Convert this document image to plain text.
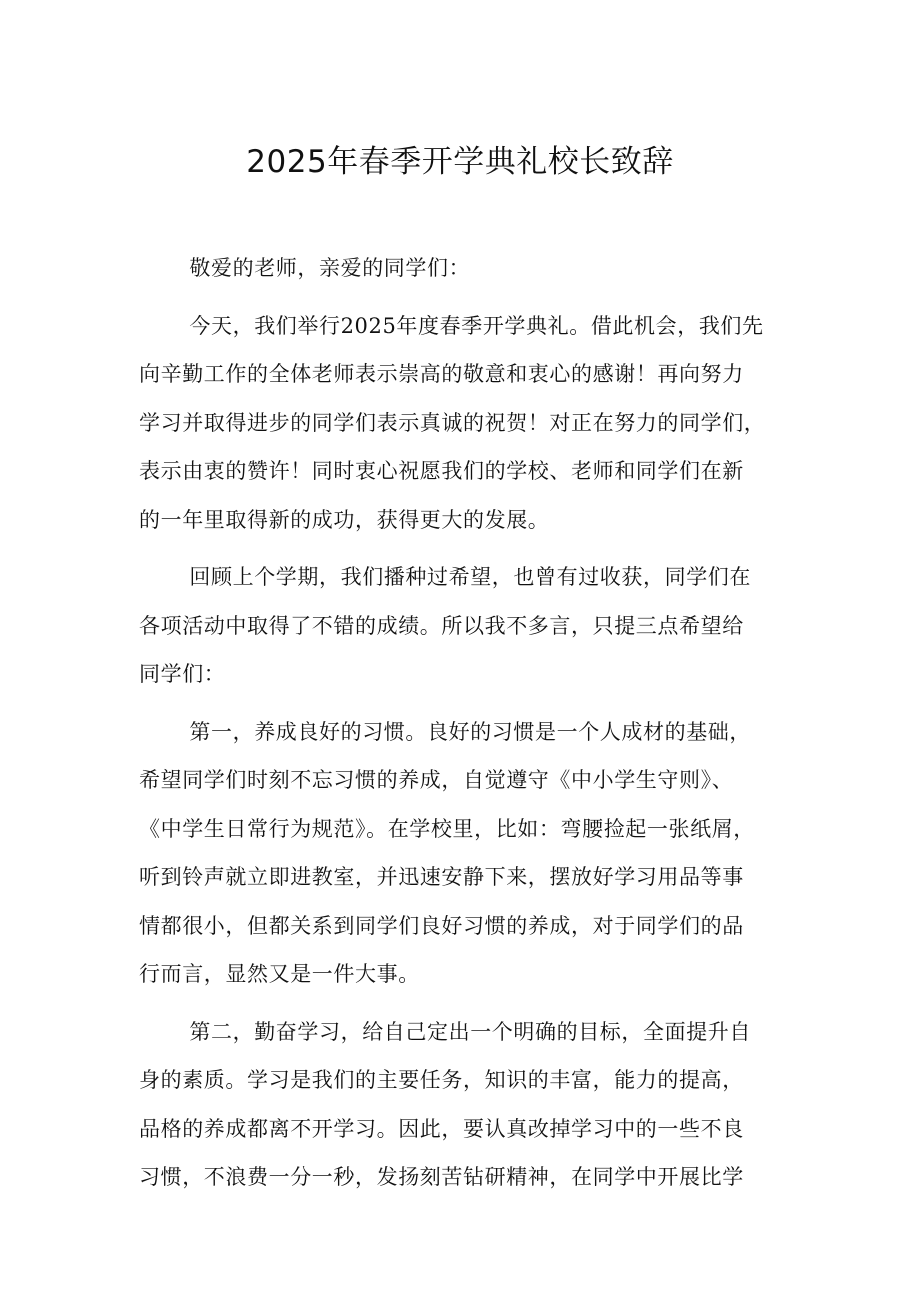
2025年春季开学典礼校长致辞

敬爱的老师，亲爱的同学们：

今天，我们举行2025年度春季开学典礼。借此机会，我们先
向辛勤工作的全体老师表示崇高的敬意和衷心的感谢！再向努力
学习并取得进步的同学们表示真诚的祝贺！对正在努力的同学们，
表示由衷的赞许！同时衷心祝愿我们的学校、老师和同学们在新
的一年里取得新的成功，获得更大的发展。

回顾上个学期，我们播种过希望，也曾有过收获，同学们在
各项活动中取得了不错的成绩。所以我不多言，只提三点希望给
同学们：

第一，养成良好的习惯。良好的习惯是一个人成材的基础，
希望同学们时刻不忘习惯的养成，自觉遵守《中小学生守则》、
《中学生日常行为规范》。在学校里，比如：弯腰捡起一张纸屑，
听到铃声就立即进教室，并迅速安静下来，摆放好学习用品等事
情都很小，但都关系到同学们良好习惯的养成，对于同学们的品
行而言，显然又是一件大事。

第二，勤奋学习，给自己定出一个明确的目标，全面提升自
身的素质。学习是我们的主要任务，知识的丰富，能力的提高，
品格的养成都离不开学习。因此，要认真改掉学习中的一些不良
习惯，不浪费一分一秒，发扬刻苦钻研精神，在同学中开展比学
